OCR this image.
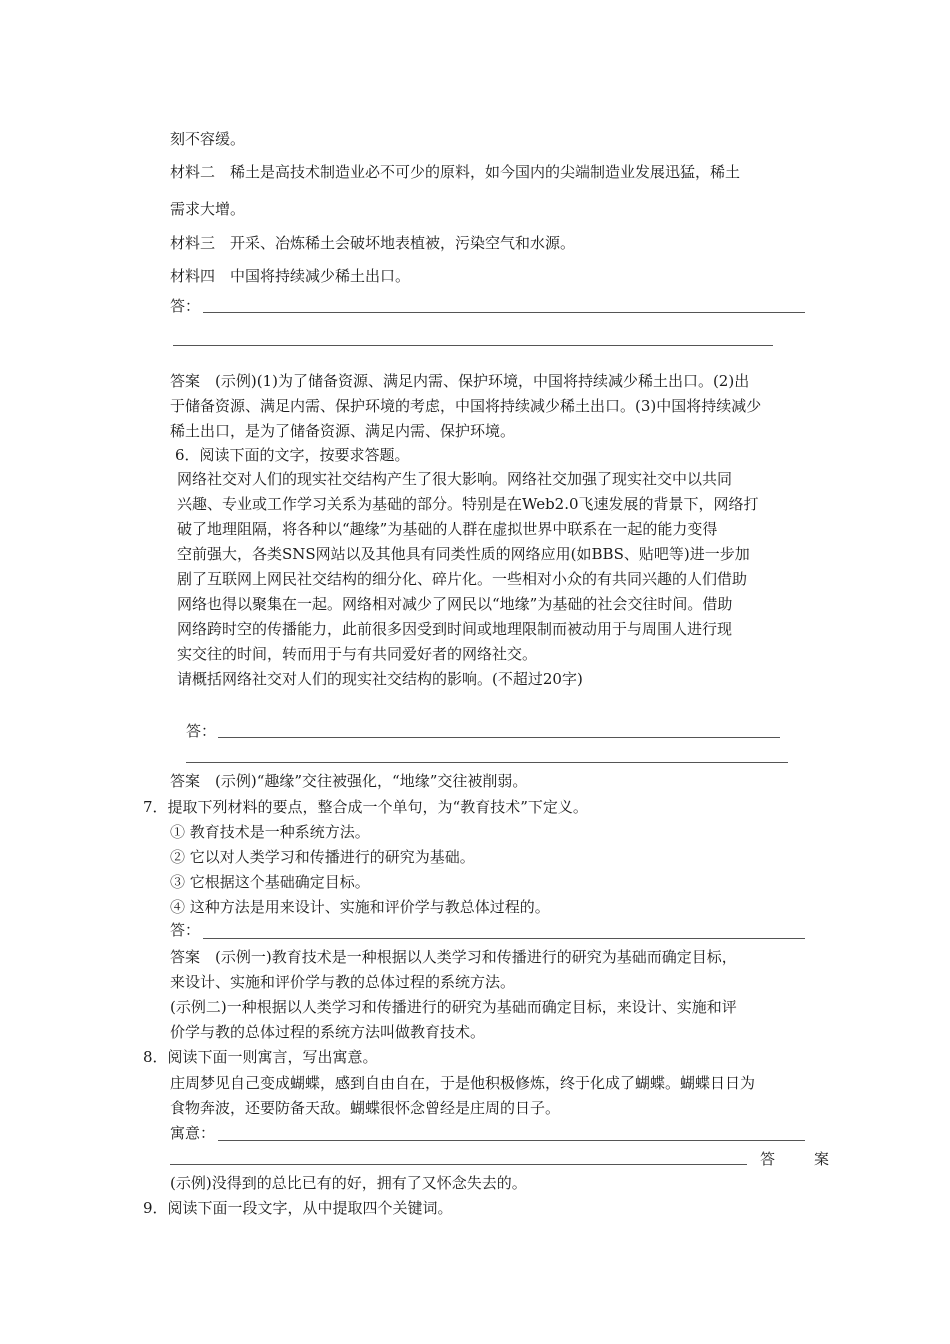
刻不容缓。
材料二　稀土是高技术制造业必不可少的原料，如今国内的尖端制造业发展迅猛，稀土
需求大增。
材料三　开采、冶炼稀土会破坏地表植被，污染空气和水源。
材料四　中国将持续减少稀土出口。
答：
答案　(示例)(1)为了储备资源、满足内需、保护环境，中国将持续减少稀土出口。(2)出
于储备资源、满足内需、保护环境的考虑，中国将持续减少稀土出口。(3)中国将持续减少
稀土出口，是为了储备资源、满足内需、保护环境。
6．阅读下面的文字，按要求答题。
网络社交对人们的现实社交结构产生了很大影响。网络社交加强了现实社交中以共同
兴趣、专业或工作学习关系为基础的部分。特别是在Web2.0飞速发展的背景下，网络打
破了地理阻隔，将各种以“趣缘”为基础的人群在虚拟世界中联系在一起的能力变得
空前强大，各类SNS网站以及其他具有同类性质的网络应用(如BBS、贴吧等)进一步加
剧了互联网上网民社交结构的细分化、碎片化。一些相对小众的有共同兴趣的人们借助
网络也得以聚集在一起。网络相对减少了网民以“地缘”为基础的社会交往时间。借助
网络跨时空的传播能力，此前很多因受到时间或地理限制而被动用于与周围人进行现
实交往的时间，转而用于与有共同爱好者的网络社交。
请概括网络社交对人们的现实社交结构的影响。(不超过20字)
答：
答案　(示例)“趣缘”交往被强化，“地缘”交往被削弱。
7．提取下列材料的要点，整合成一个单句，为“教育技术”下定义。
① 教育技术是一种系统方法。
② 它以对人类学习和传播进行的研究为基础。
③ 它根据这个基础确定目标。
④ 这种方法是用来设计、实施和评价学与教总体过程的。
答：
答案　(示例一)教育技术是一种根据以人类学习和传播进行的研究为基础而确定目标，
来设计、实施和评价学与教的总体过程的系统方法。
(示例二)一种根据以人类学习和传播进行的研究为基础而确定目标，来设计、实施和评
价学与教的总体过程的系统方法叫做教育技术。
8．阅读下面一则寓言，写出寓意。
庄周梦见自己变成蝴蝶，感到自由自在，于是他积极修炼，终于化成了蝴蝶。蝴蝶日日为
食物奔波，还要防备天敌。蝴蝶很怀念曾经是庄周的日子。
寓意：
答　案
(示例)没得到的总比已有的好，拥有了又怀念失去的。
9．阅读下面一段文字，从中提取四个关键词。
